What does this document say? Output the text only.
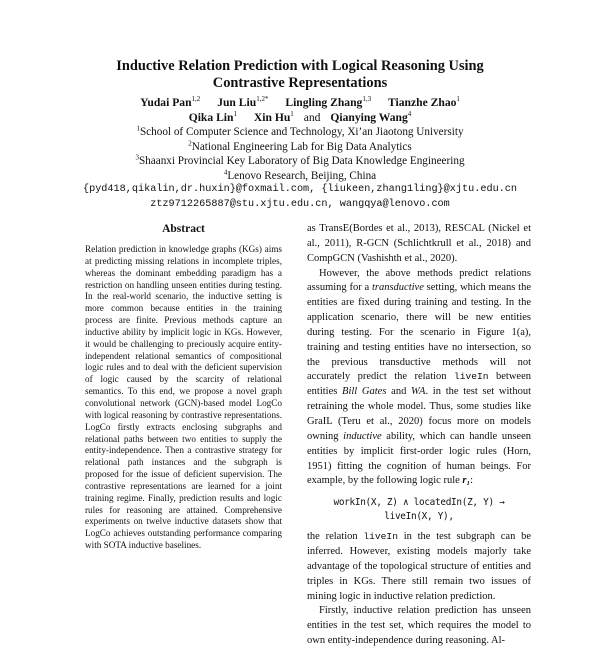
Inductive Relation Prediction with Logical Reasoning Using
Contrastive Representations
Yudai Pan$^{1,2}$ Jun Liu$^{1,2*}$ Lingling Zhang$^{1,3}$ Tianzhe Zhao$^1$
Qika Lin$^1$ Xin Hu$^1$ and Qianying Wang$^4$
$^1$School of Computer Science and Technology, Xi’an Jiaotong University
$^2$National Engineering Lab for Big Data Analytics
$^3$Shaanxi Provincial Key Laboratory of Big Data Knowledge Engineering
$^4$Lenovo Research, Beijing, China
{pyd418,qikalin,dr.huxin}@foxmail.com, {liukeen,zhang1ling}@xjtu.edu.cn
ztz9712265887@stu.xjtu.edu.cn, wangqya@lenovo.com
Abstract

Relation prediction in knowledge graphs (KGs) aims at predicting missing relations in incomplete triples, whereas the dominant embedding paradigm has a restriction on handling unseen entities during testing. In the real-world scenario, the inductive setting is more common because entities in the training process are finite. Previous methods capture an inductive ability by implicit logic in KGs. However, it would be challenging to preciously acquire entity-independent relational semantics of compositional logic rules and to deal with the deficient supervision of logic caused by the scarcity of relational semantics. To this end, we propose a novel graph convolutional network (GCN)-based model LogCo with logical reasoning by contrastive representations. LogCo firstly extracts enclosing subgraphs and relational paths between two entities to supply the entity-independence. Then a contrastive strategy for relational path instances and the subgraph is proposed for the issue of deficient supervision. The contrastive representations are learned for a joint training regime. Finally, prediction results and logic rules for reasoning are attained. Comprehensive experiments on twelve inductive datasets show that LogCo achieves outstanding performance comparing with SOTA inductive baselines.

as TransE(Bordes et al., 2013), RESCAL (Nickel et al., 2011), R-GCN (Schlichtkrull et al., 2018) and CompGCN (Vashishth et al., 2020).

However, the above methods predict relations assuming for a transductive setting, which means the entities are fixed during training and testing. In the application scenario, there will be new entities during testing. For the scenario in Figure 1(a), training and testing entities have no intersection, so the previous transductive methods will not accurately predict the relation liveIn between entities Bill Gates and WA. in the test set without retraining the whole model. Thus, some studies like GraIL (Teru et al., 2020) focus more on models owning inductive ability, which can handle unseen entities by implicit first-order logic rules (Horn, 1951) fitting the cognition of human beings. For example, by the following logic rule r₁:

workIn(X, Z) ∧ locatedIn(Z, Y) → liveIn(X, Y),

the relation liveIn in the test subgraph can be inferred. However, existing models majorly take advantage of the topological structure of entities and triples in KGs. There still remain two issues of mining logic in inductive relation prediction.

Firstly, inductive relation prediction has unseen entities in the test set, which requires the model to own entity-independence during reasoning. Al-
